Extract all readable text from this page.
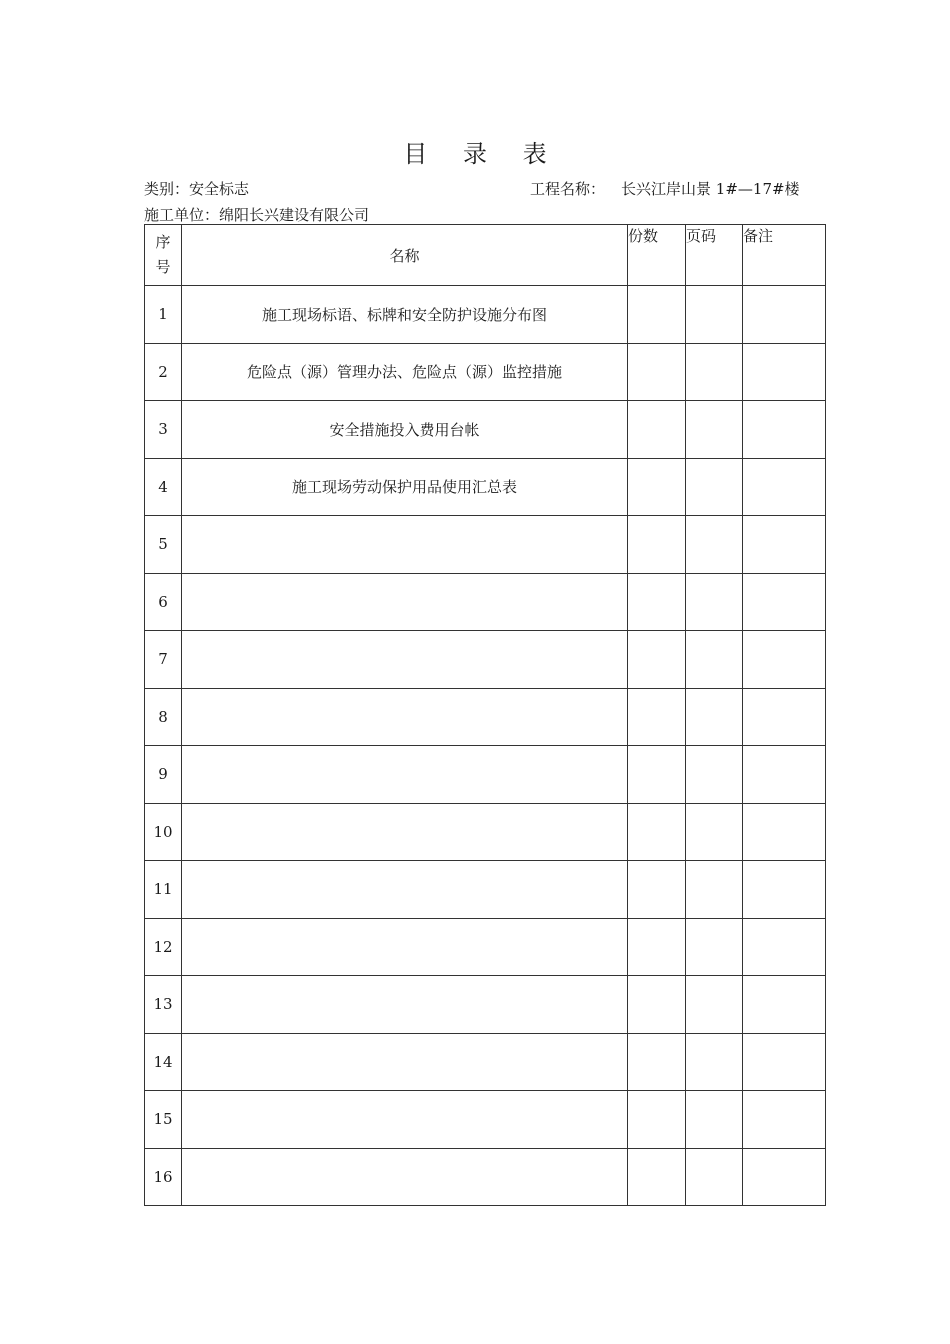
目 录 表
类别：安全标志	工程名称： 长兴江岸山景 1#—17#楼
施工单位：绵阳长兴建设有限公司
序
号	名称	份数	页码	备注
1	施工现场标语、标牌和安全防护设施分布图			
2	危险点（源）管理办法、危险点（源）监控措施			
3	安全措施投入费用台帐			
4	施工现场劳动保护用品使用汇总表			
5				
6				
7				
8				
9				
10				
11				
12				
13				
14				
15				
16				
